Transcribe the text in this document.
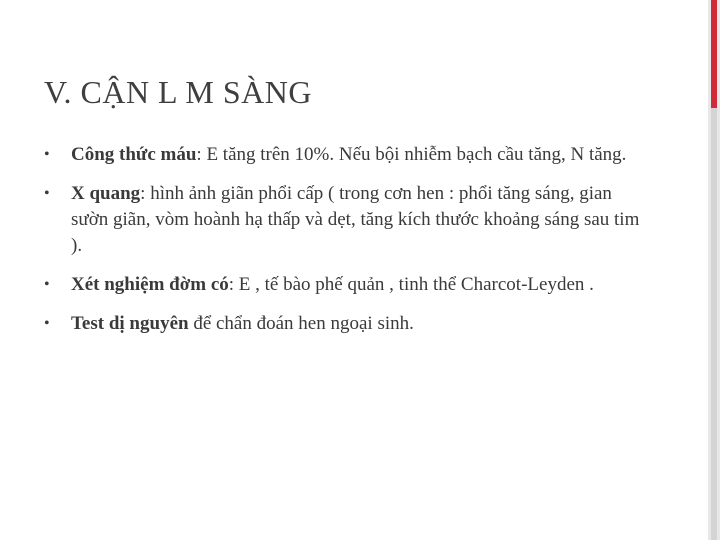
V. CẬN L M SÀNG
• Công thức máu: E tăng trên 10%. Nếu bội nhiễm bạch cầu tăng, N tăng.
• X quang: hình ảnh giãn phổi cấp ( trong cơn hen : phổi tăng sáng, gian sườn giãn, vòm hoành hạ thấp và dẹt, tăng kích thước khoảng sáng sau tim ).
• Xét nghiệm đờm có: E , tế bào phế quản , tinh thể Charcot-Leyden .
• Test dị nguyên để chẩn đoán hen ngoại sinh.
